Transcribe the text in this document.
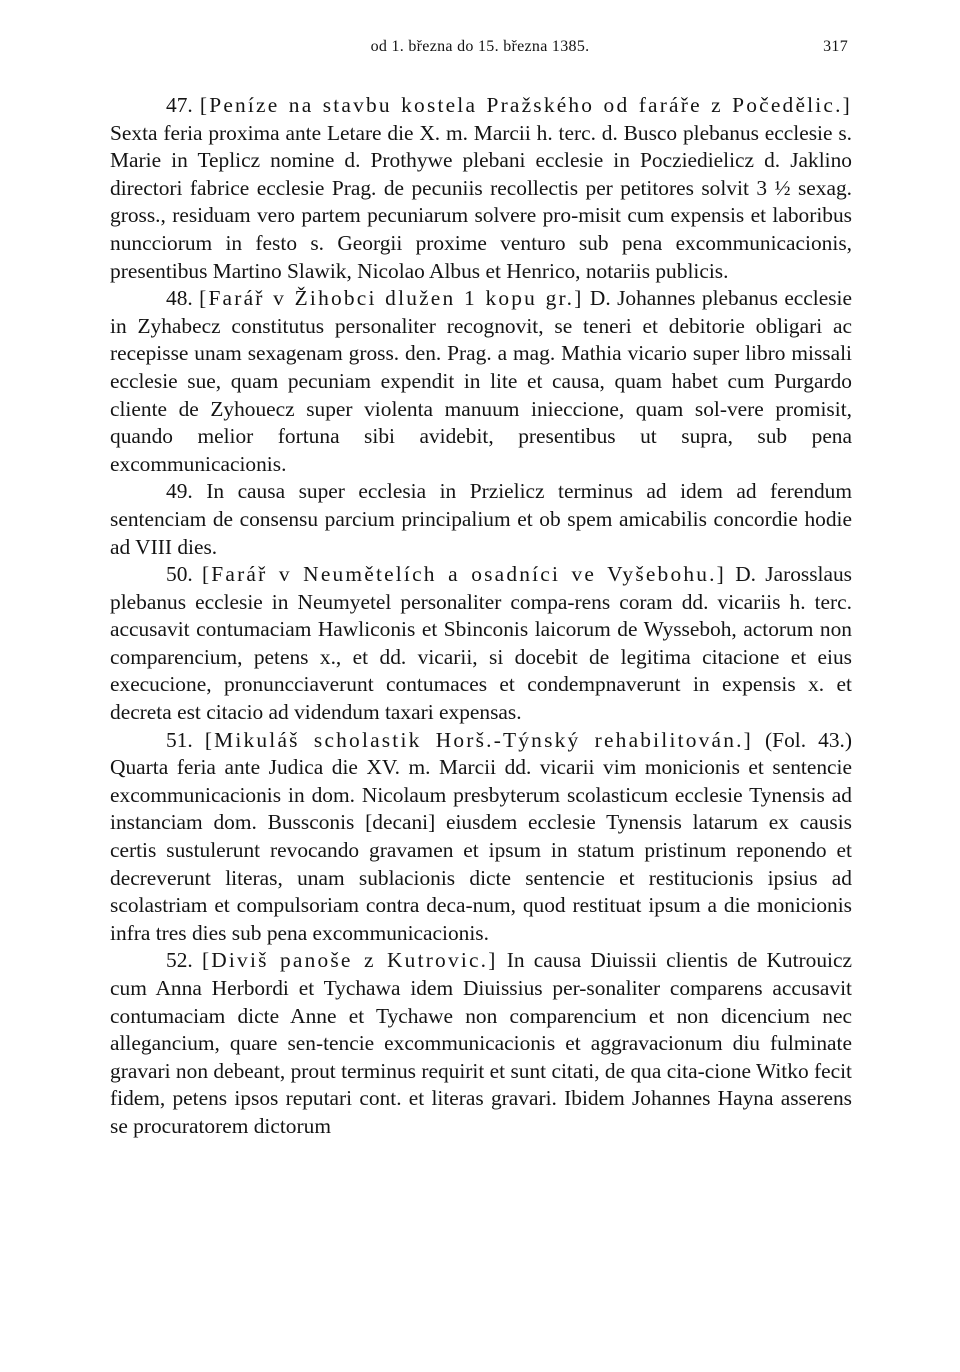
od 1. března do 15. března 1385.	317

47. [Peníze na stavbu kostela Pražského od faráře z Počedělic.] Sexta feria proxima ante Letare die X. m. Marcii h. terc. d. Busco plebanus ecclesie s. Marie in Teplicz nomine d. Prothywe plebani ecclesie in Pocziedielicz d. Jaklino directori fabrice ecclesie Prag. de pecuniis recollectis per petitores solvit 3 ½ sexag. gross., residuam vero partem pecuniarum solvere pro-misit cum expensis et laboribus nuncciorum in festo s. Georgii proxime venturo sub pena excommunicacionis, presentibus Martino Slawik, Nicolao Albus et Henrico, notariis publicis.

48. [Farář v Žihobci dlužen 1 kopu gr.] D. Johannes plebanus ecclesie in Zyhabecz constitutus personaliter recognovit, se teneri et debitorie obligari ac recepisse unam sexagenam gross. den. Prag. a mag. Mathia vicario super libro missali ecclesie sue, quam pecuniam expendit in lite et causa, quam habet cum Purgardo cliente de Zyhouecz super violenta manuum inieccione, quam sol-vere promisit, quando melior fortuna sibi avidebit, presentibus ut supra, sub pena excommunicacionis.

49. In causa super ecclesia in Przielicz terminus ad idem ad ferendum sentenciam de consensu parcium principalium et ob spem amicabilis concordie hodie ad VIII dies.

50. [Farář v Neumětelích a osadníci ve Vyšebohu.] D. Jarosslaus plebanus ecclesie in Neumyetel personaliter compa-rens coram dd. vicariis h. terc. accusavit contumaciam Hawliconis et Sbinconis laicorum de Wysseboh, actorum non comparencium, petens x., et dd. vicarii, si docebit de legitima citacione et eius execucione, pronuncciaverunt contumaces et condempnaverunt in expensis x. et decreta est citacio ad videndum taxari expensas.

51. [Mikuláš scholastik Horš.-Týnský rehabilitován.] (Fol. 43.) Quarta feria ante Judica die XV. m. Marcii dd. vicarii vim monicionis et sentencie excommunicacionis in dom. Nicolaum presbyterum scolasticum ecclesie Tynensis ad instanciam dom. Bussconis [decani] eiusdem ecclesie Tynensis latarum ex causis certis sustulerunt revocando gravamen et ipsum in statum pristinum reponendo et decreverunt literas, unam sublacionis dicte sentencie et restitucionis ipsius ad scolastriam et compulsoriam contra deca-num, quod restituat ipsum a die monicionis infra tres dies sub pena excommunicacionis.

52. [Diviš panoše z Kutrovic.] In causa Diuissii clientis de Kutrouicz cum Anna Herbordi et Tychawa idem Diuissius per-sonaliter comparens accusavit contumaciam dicte Anne et Tychawe non comparencium et non dicencium nec allegancium, quare sen-tencie excommunicacionis et aggravacionum diu fulminate gravari non debeant, prout terminus requirit et sunt citati, de qua cita-cione Witko fecit fidem, petens ipsos reputari cont. et literas gravari. Ibidem Johannes Hayna asserens se procuratorem dictorum
